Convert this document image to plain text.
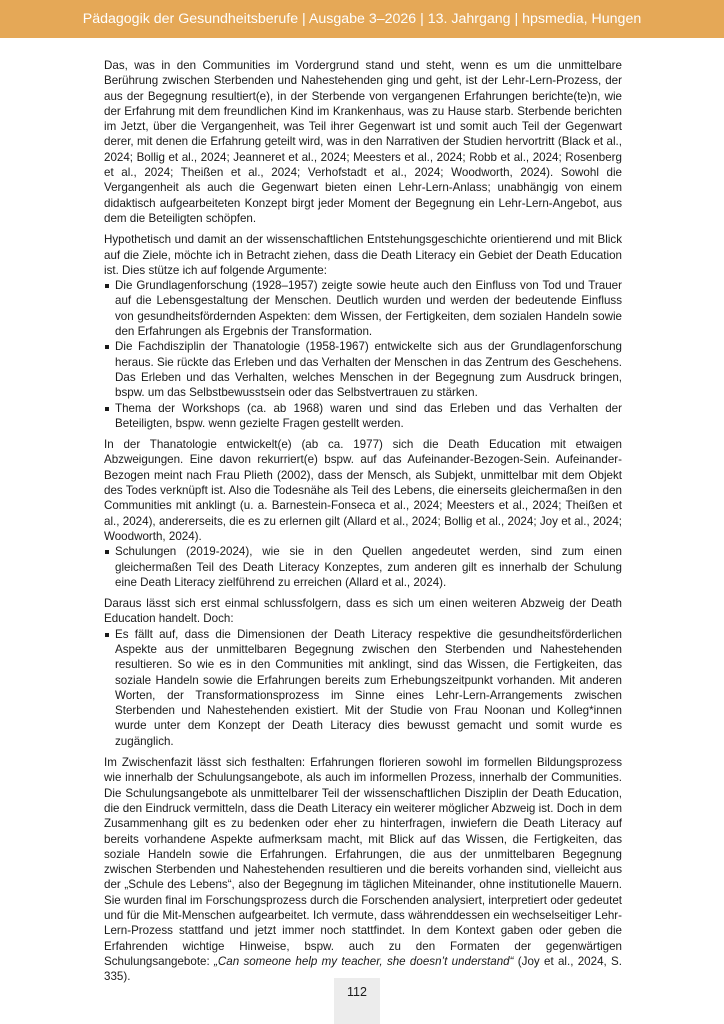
Pädagogik der Gesundheitsberufe | Ausgabe 3–2026 | 13. Jahrgang | hpsmedia, Hungen

Das, was in den Communities im Vordergrund stand und steht, wenn es um die unmittelbare Berührung zwischen Sterbenden und Nahestehenden ging und geht, ist der Lehr-Lern-Prozess, der aus der Begegnung resultiert(e), in der Sterbende von vergangenen Erfahrungen berichte(te)n, wie der Erfahrung mit dem freundlichen Kind im Krankenhaus, was zu Hause starb. Sterbende berichten im Jetzt, über die Vergangenheit, was Teil ihrer Gegenwart ist und somit auch Teil der Gegenwart derer, mit denen die Erfahrung geteilt wird, was in den Narrativen der Studien hervortritt (Black et al., 2024; Bollig et al., 2024; Jeanneret et al., 2024; Meesters et al., 2024; Robb et al., 2024; Rosenberg et al., 2024; Theißen et al., 2024; Verhofstadt et al., 2024; Woodworth, 2024). Sowohl die Vergangenheit als auch die Gegenwart bieten einen Lehr-Lern-Anlass; unabhängig von einem didaktisch aufgearbeiteten Konzept birgt jeder Moment der Begegnung ein Lehr-Lern-Angebot, aus dem die Beteiligten schöpfen.

Hypothetisch und damit an der wissenschaftlichen Entstehungsgeschichte orientierend und mit Blick auf die Ziele, möchte ich in Betracht ziehen, dass die Death Literacy ein Gebiet der Death Education ist. Dies stütze ich auf folgende Argumente:

Die Grundlagenforschung (1928–1957) zeigte sowie heute auch den Einfluss von Tod und Trauer auf die Lebensgestaltung der Menschen. Deutlich wurden und werden der bedeutende Einfluss von gesundheitsfördernden Aspekten: dem Wissen, der Fertigkeiten, dem sozialen Handeln sowie den Erfahrungen als Ergebnis der Transformation.
Die Fachdisziplin der Thanatologie (1958-1967) entwickelte sich aus der Grundlagenforschung heraus. Sie rückte das Erleben und das Verhalten der Menschen in das Zentrum des Geschehens. Das Erleben und das Verhalten, welches Menschen in der Begegnung zum Ausdruck bringen, bspw. um das Selbstbewusstsein oder das Selbstvertrauen zu stärken.
Thema der Workshops (ca. ab 1968) waren und sind das Erleben und das Verhalten der Beteiligten, bspw. wenn gezielte Fragen gestellt werden.

In der Thanatologie entwickelt(e) (ab ca. 1977) sich die Death Education mit etwaigen Abzweigungen. Eine davon rekurriert(e) bspw. auf das Aufeinander-Bezogen-Sein. Aufeinander-Bezogen meint nach Frau Plieth (2002), dass der Mensch, als Subjekt, unmittelbar mit dem Objekt des Todes verknüpft ist. Also die Todesnähe als Teil des Lebens, die einerseits gleichermaßen in den Communities mit anklingt (u. a. Barnestein-Fonseca et al., 2024; Meesters et al., 2024; Theißen et al., 2024), andererseits, die es zu erlernen gilt (Allard et al., 2024; Bollig et al., 2024; Joy et al., 2024; Woodworth, 2024).

Schulungen (2019-2024), wie sie in den Quellen angedeutet werden, sind zum einen gleichermaßen Teil des Death Literacy Konzeptes, zum anderen gilt es innerhalb der Schulung eine Death Literacy zielführend zu erreichen (Allard et al., 2024).

Daraus lässt sich erst einmal schlussfolgern, dass es sich um einen weiteren Abzweig der Death Education handelt. Doch:

Es fällt auf, dass die Dimensionen der Death Literacy respektive die gesundheitsförderlichen Aspekte aus der unmittelbaren Begegnung zwischen den Sterbenden und Nahestehenden resultieren. So wie es in den Communities mit anklingt, sind das Wissen, die Fertigkeiten, das soziale Handeln sowie die Erfahrungen bereits zum Erhebungszeitpunkt vorhanden. Mit anderen Worten, der Transformationsprozess im Sinne eines Lehr-Lern-Arrangements zwischen Sterbenden und Nahestehenden existiert. Mit der Studie von Frau Noonan und Kolleg*innen wurde unter dem Konzept der Death Literacy dies bewusst gemacht und somit wurde es zugänglich.

Im Zwischenfazit lässt sich festhalten: Erfahrungen florieren sowohl im formellen Bildungsprozess wie innerhalb der Schulungsangebote, als auch im informellen Prozess, innerhalb der Communities. Die Schulungsangebote als unmittelbarer Teil der wissenschaftlichen Disziplin der Death Education, die den Eindruck vermitteln, dass die Death Literacy ein weiterer möglicher Abzweig ist. Doch in dem Zusammenhang gilt es zu bedenken oder eher zu hinterfragen, inwiefern die Death Literacy auf bereits vorhandene Aspekte aufmerksam macht, mit Blick auf das Wissen, die Fertigkeiten, das soziale Handeln sowie die Erfahrungen. Erfahrungen, die aus der unmittelbaren Begegnung zwischen Sterbenden und Nahestehenden resultieren und die bereits vorhanden sind, vielleicht aus der „Schule des Lebens“, also der Begegnung im täglichen Miteinander, ohne institutionelle Mauern. Sie wurden final im Forschungsprozess durch die Forschenden analysiert, interpretiert oder gedeutet und für die Mit-Menschen aufgearbeitet. Ich vermute, dass währenddessen ein wechselseitiger Lehr-Lern-Prozess stattfand und jetzt immer noch stattfindet. In dem Kontext gaben oder geben die Erfahrenden wichtige Hinweise, bspw. auch zu den Formaten der gegenwärtigen Schulungsangebote: „Can someone help my teacher, she doesn’t understand“ (Joy et al., 2024, S. 335).

112
